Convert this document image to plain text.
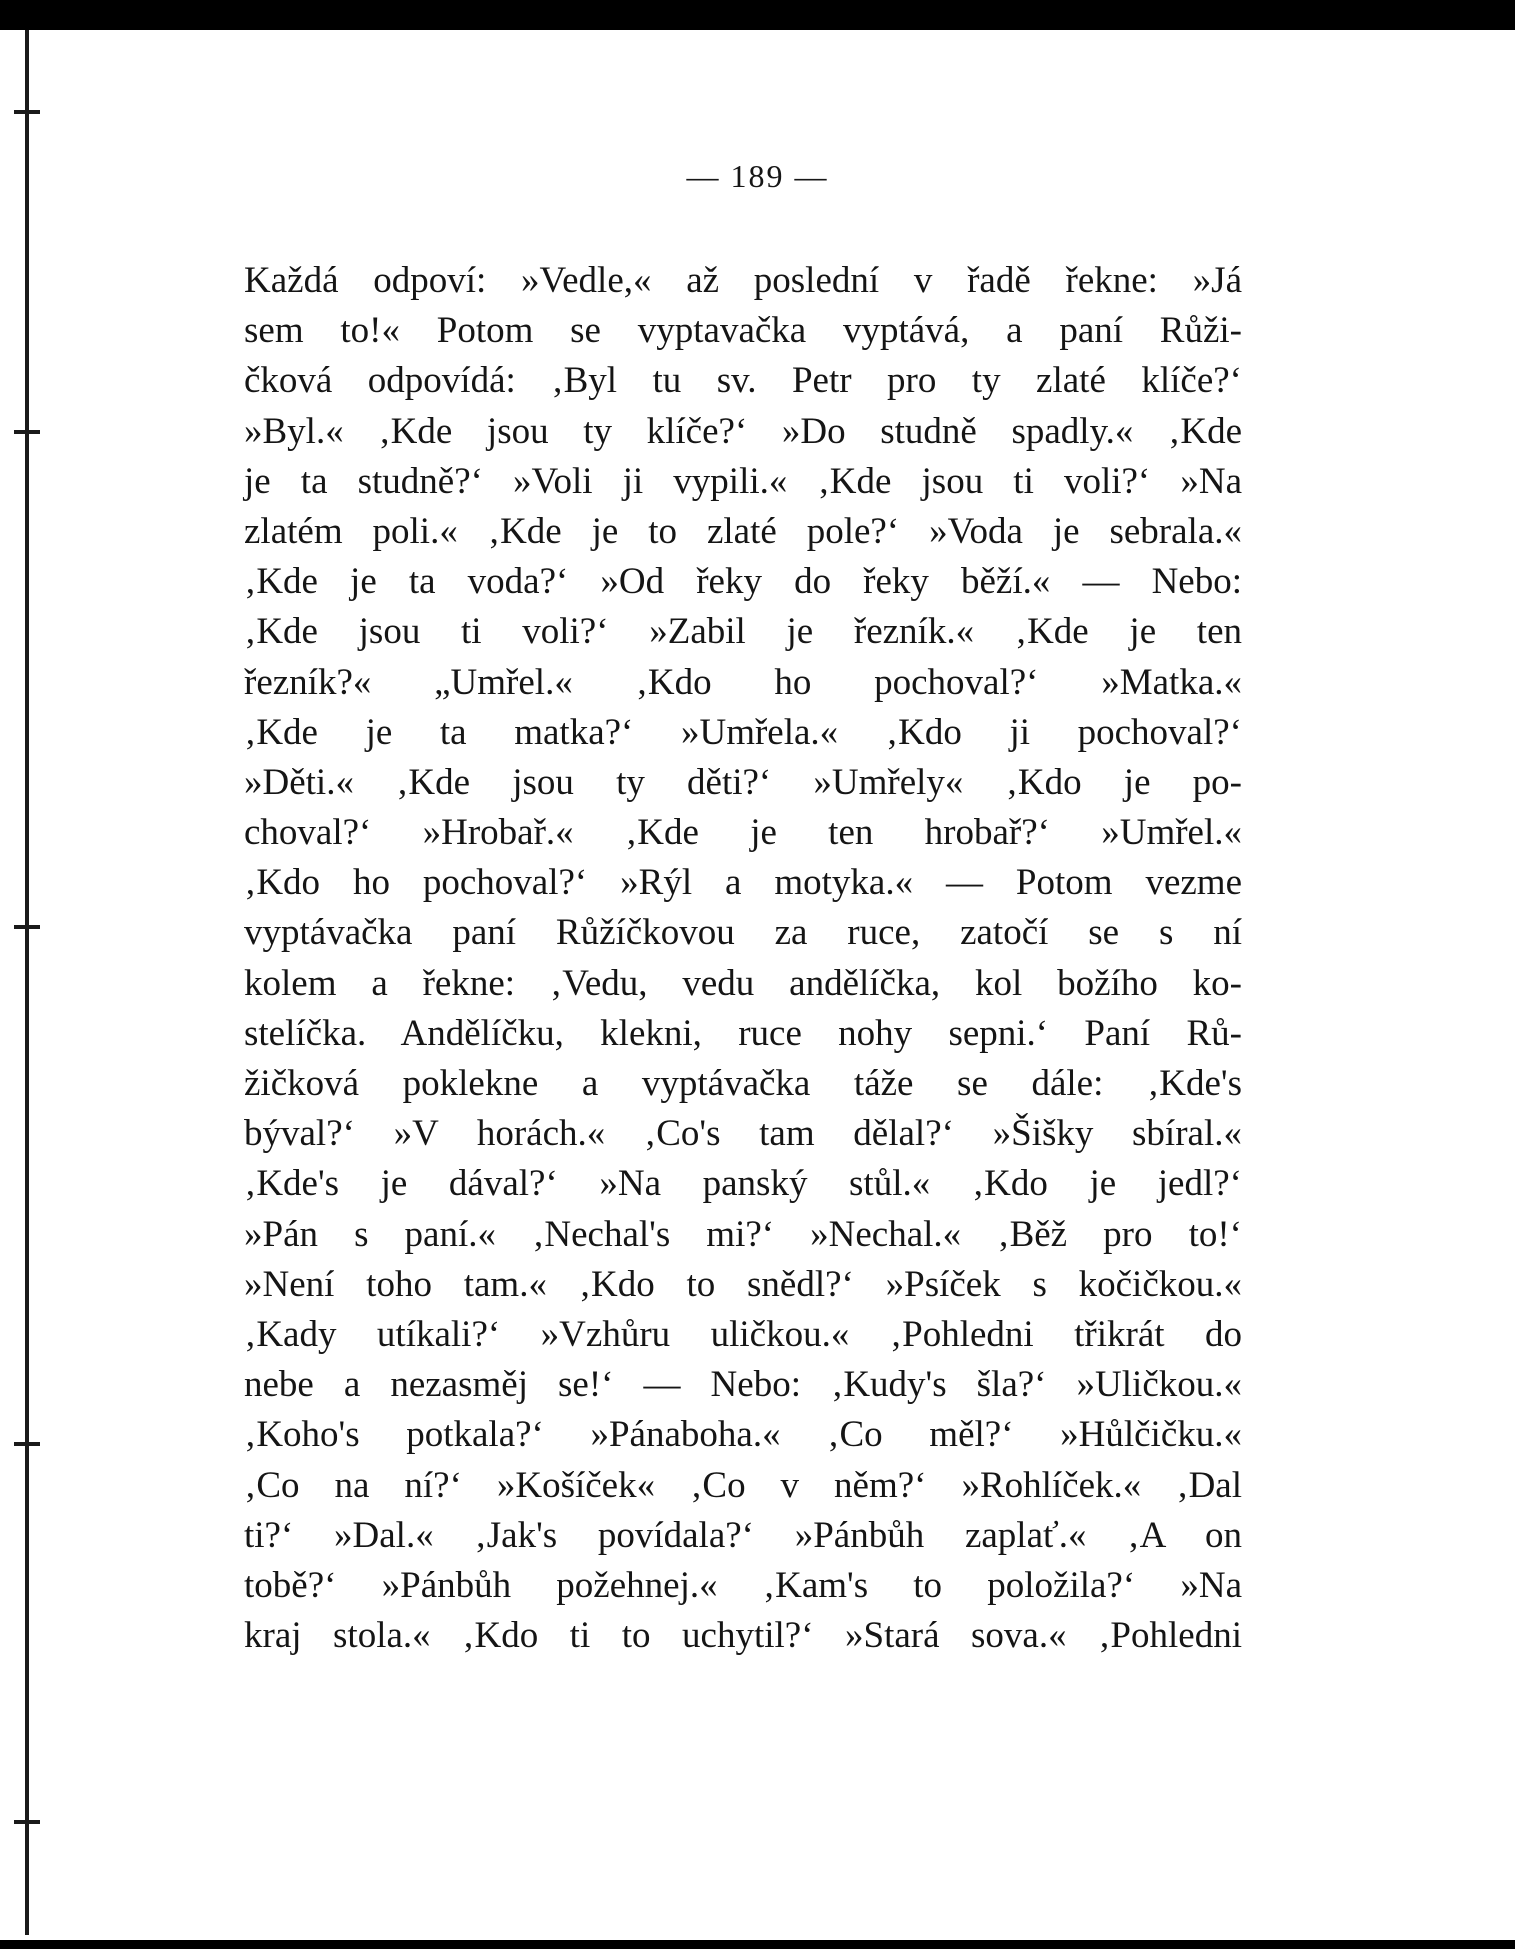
— 189 —
Každá odpoví: »Vedle,« až poslední v řadě řekne: »Já
sem to!« Potom se vyptavačka vyptává, a paní Růži-
čková odpovídá: ‚Byl tu sv. Petr pro ty zlaté klíče?‘
»Byl.« ‚Kde jsou ty klíče?‘ »Do studně spadly.« ‚Kde
je ta studně?‘ »Voli ji vypili.« ‚Kde jsou ti voli?‘ »Na
zlatém poli.« ‚Kde je to zlaté pole?‘ »Voda je sebrala.«
‚Kde je ta voda?‘ »Od řeky do řeky běží.« — Nebo:
‚Kde jsou ti voli?‘ »Zabil je řezník.« ‚Kde je ten
řezník?« „Umřel.« ‚Kdo ho pochoval?‘ »Matka.«
‚Kde je ta matka?‘ »Umřela.« ‚Kdo ji pochoval?‘
»Děti.« ‚Kde jsou ty děti?‘ »Umřely« ‚Kdo je po-
choval?‘ »Hrobař.« ‚Kde je ten hrobař?‘ »Umřel.«
‚Kdo ho pochoval?‘ »Rýl a motyka.« — Potom vezme
vyptávačka paní Růžíčkovou za ruce, zatočí se s ní
kolem a řekne: ‚Vedu, vedu andělíčka, kol božího ko-
stelíčka. Andělíčku, klekni, ruce nohy sepni.‘ Paní Rů-
žičková poklekne a vyptávačka táže se dále: ‚Kde's
býval?‘ »V horách.« ‚Co's tam dělal?‘ »Šišky sbíral.«
‚Kde's je dával?‘ »Na panský stůl.« ‚Kdo je jedl?‘
»Pán s paní.« ‚Nechal's mi?‘ »Nechal.« ‚Běž pro to!‘
»Není toho tam.« ‚Kdo to snědl?‘ »Psíček s kočičkou.«
‚Kady utíkali?‘ »Vzhůru uličkou.« ‚Pohledni třikrát do
nebe a nezasměj se!‘ — Nebo: ‚Kudy's šla?‘ »Uličkou.«
‚Koho's potkala?‘ »Pánaboha.« ‚Co měl?‘ »Hůlčičku.«
‚Co na ní?‘ »Košíček« ‚Co v něm?‘ »Rohlíček.« ‚Dal
ti?‘ »Dal.« ‚Jak's povídala?‘ »Pánbůh zaplať.« ‚A on
tobě?‘ »Pánbůh požehnej.« ‚Kam's to položila?‘ »Na
kraj stola.« ‚Kdo ti to uchytil?‘ »Stará sova.« ‚Pohledni
